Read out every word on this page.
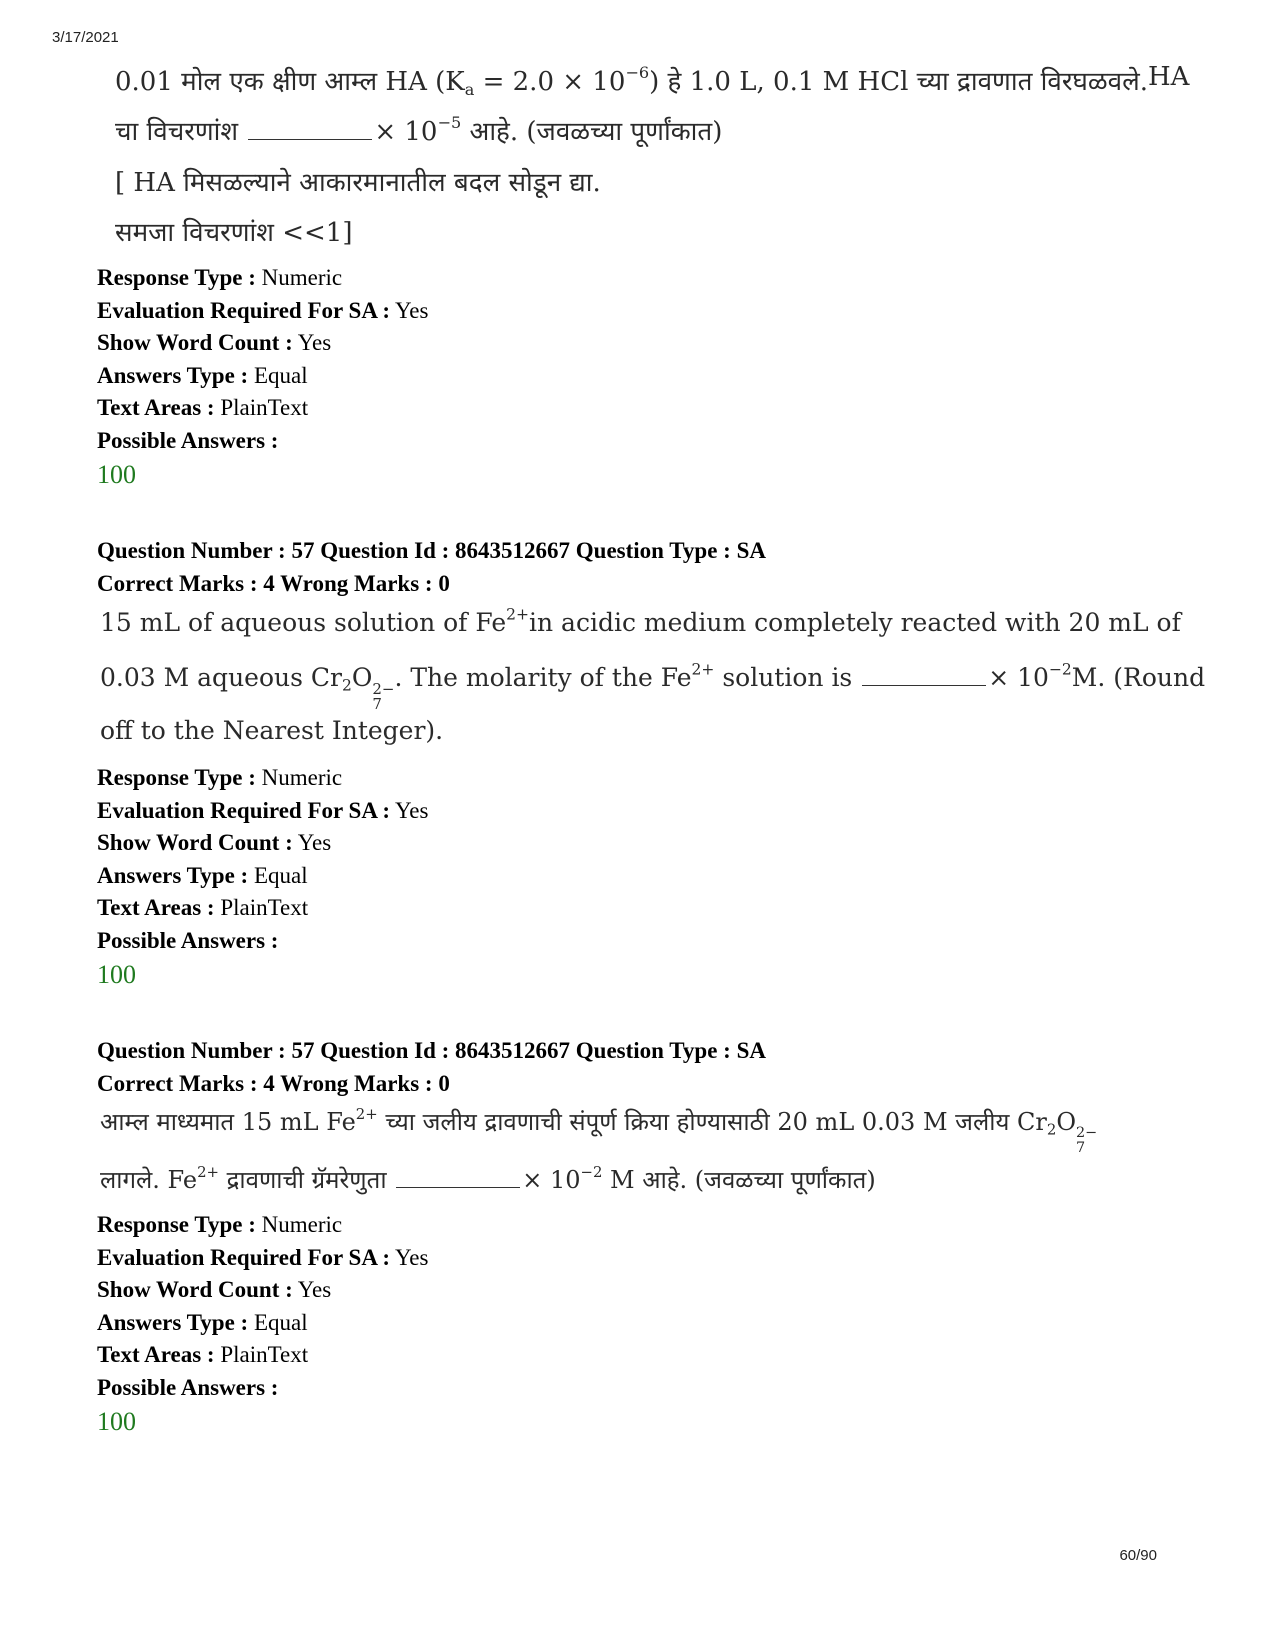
3/17/2021
0.01 मोल एक क्षीण आम्ल HA $(K_a = 2.0 \times 10^{-6})$ हे 1.0 L, 0.1 M HCl च्या द्रावणात विरघळवले. HA
चा विचरणांश	× $10^{-5}$ आहे. (जवळच्या पूर्णांकात)
[ HA मिसळल्याने आकारमानातील बदल सोडून द्या.
समजा विचरणांश <<1]
Response Type : Numeric
Evaluation Required For SA : Yes
Show Word Count : Yes
Answers Type : Equal
Text Areas : PlainText
Possible Answers :
100
Question Number : 57 Question Id : 8643512667 Question Type : SA
Correct Marks : 4 Wrong Marks : 0
15 mL of aqueous solution of $Fe^{2+}$ in acidic medium completely reacted with 20 mL of
0.03 M aqueous $Cr_2O$ 2−
7
. The molarity of the $Fe^{2+}$ solution is	× $10^{-2}$ M. (Round
off to the Nearest Integer).
Response Type : Numeric
Evaluation Required For SA : Yes
Show Word Count : Yes
Answers Type : Equal
Text Areas : PlainText
Possible Answers :
100
Question Number : 57 Question Id : 8643512667 Question Type : SA
Correct Marks : 4 Wrong Marks : 0
आम्ल माध्यमात 15 mL $Fe^{2+}$ च्या जलीय द्रावणाची संपूर्ण क्रिया होण्यासाठी 20 mL 0.03 M जलीय $Cr_2O$ 2−
7
लागले. $Fe^{2+}$ द्रावणाची ग्रॅमरेणुता	× $10^{-2}$ M आहे. (जवळच्या पूर्णांकात)
Response Type : Numeric
Evaluation Required For SA : Yes
Show Word Count : Yes
Answers Type : Equal
Text Areas : PlainText
Possible Answers :
100
60/90
